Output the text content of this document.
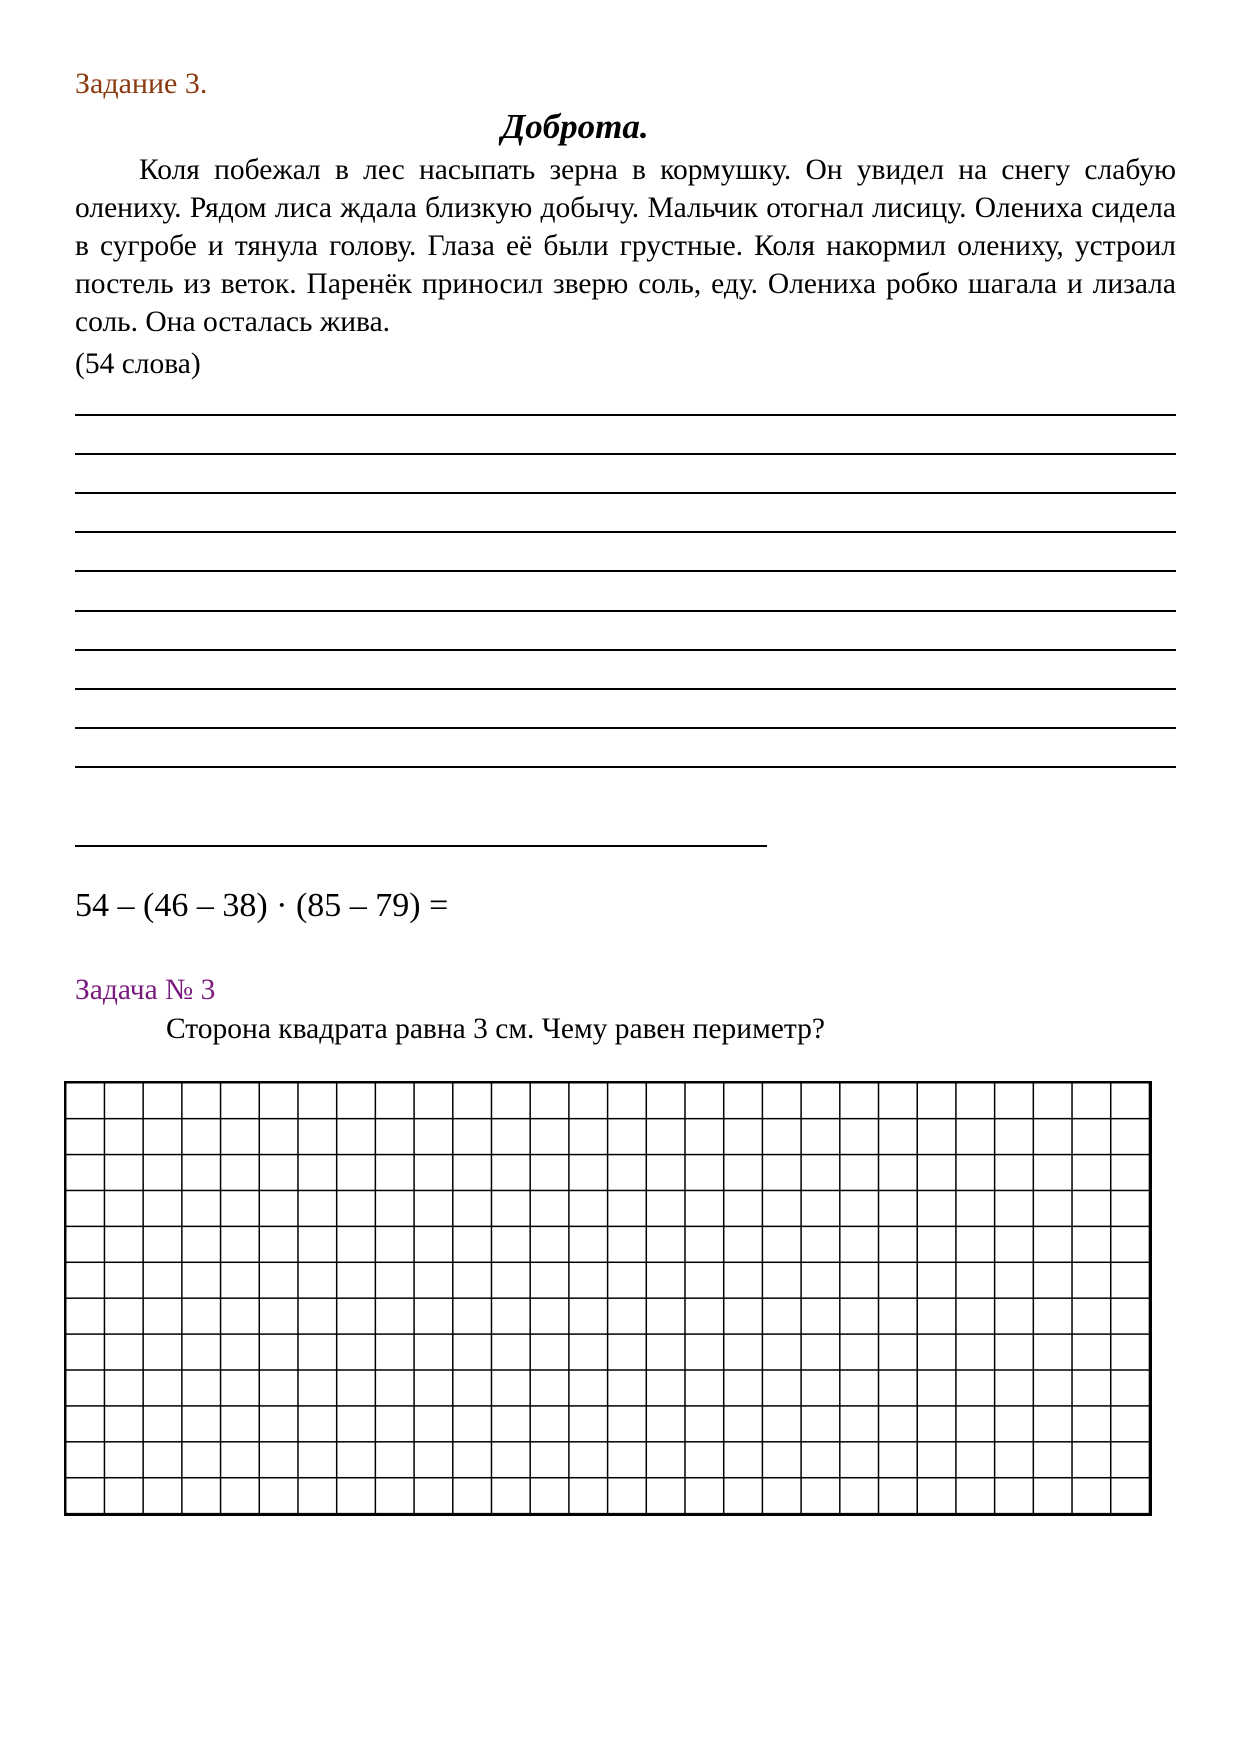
Задание 3.
Доброта.

Коля побежал в лес насыпать зерна в кормушку. Он увидел на снегу слабую олениху. Рядом лиса ждала близкую добычу. Мальчик отогнал лисицу. Олениха сидела в сугробе и тянула голову. Глаза её были грустные. Коля накормил олениху, устроил постель из веток. Паренёк приносил зверю соль, еду. Олениха робко шагала и лизала соль. Она осталась жива.

(54 слова)
54 – (46 – 38) · (85 – 79) =
Задача № 3
Сторона квадрата равна 3 см. Чему равен периметр?
